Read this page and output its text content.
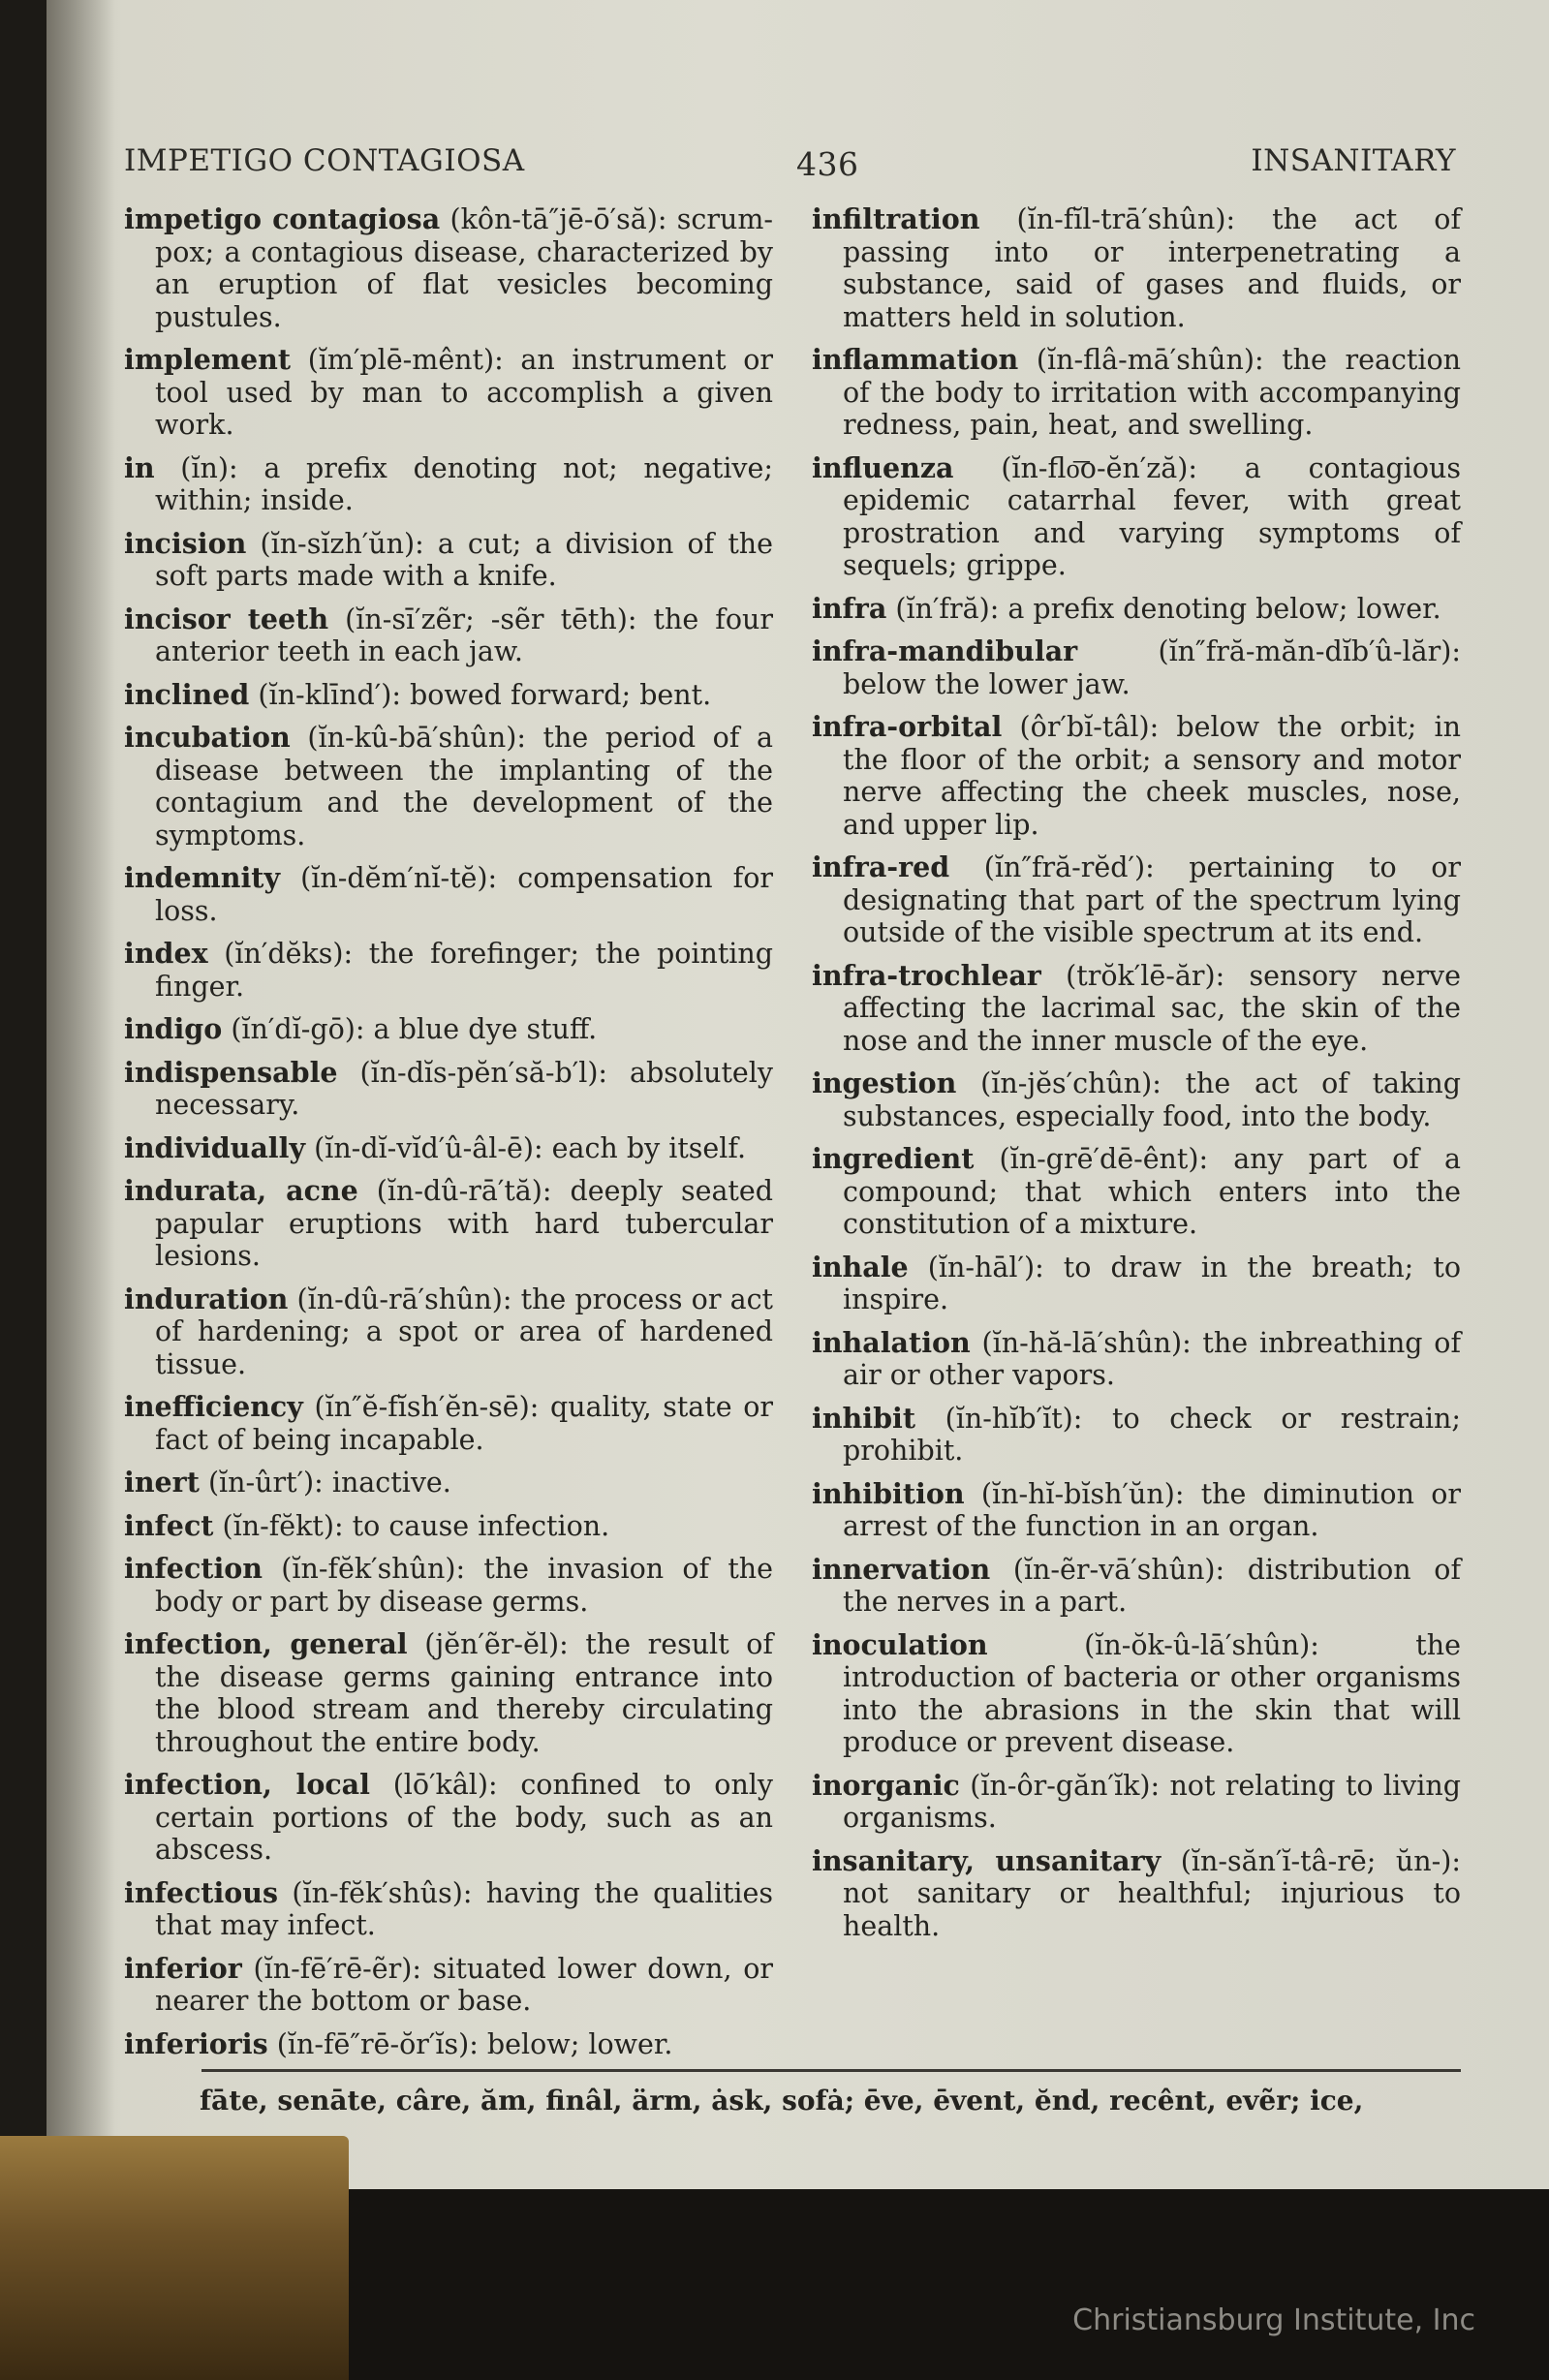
IMPETIGO CONTAGIOSA	436	INSANITARY

impetigo contagiosa (kôn-tā″jē-ō′să): scrum-pox; a contagious disease, characterized by an eruption of flat vesicles becoming pustules.

implement (ĭm′plē-mênt): an instrument or tool used by man to accomplish a given work.

in (ĭn): a prefix denoting not; negative; within; inside.

incision (ĭn-sĭzh′ŭn): a cut; a division of the soft parts made with a knife.

incisor teeth (ĭn-sī′zẽr; -sẽr tēth): the four anterior teeth in each jaw.

inclined (ĭn-klīnd′): bowed forward; bent.

incubation (ĭn-kû-bā′shûn): the period of a disease between the implanting of the contagium and the development of the symptoms.

indemnity (ĭn-dĕm′nĭ-tĕ): compensation for loss.

index (ĭn′dĕks): the forefinger; the pointing finger.

indigo (ĭn′dĭ-gō): a blue dye stuff.

indispensable (ĭn-dĭs-pĕn′să-b′l): absolutely necessary.

individually (ĭn-dĭ-vĭd′û-âl-ē): each by itself.

indurata, acne (ĭn-dû-rā′tă): deeply seated papular eruptions with hard tubercular lesions.

induration (ĭn-dû-rā′shûn): the process or act of hardening; a spot or area of hardened tissue.

inefficiency (ĭn″ĕ-fĭsh′ĕn-sē): quality, state or fact of being incapable.

inert (ĭn-ûrt′): inactive.

infect (ĭn-fĕkt): to cause infection.

infection (ĭn-fĕk′shûn): the invasion of the body or part by disease germs.

infection, general (jĕn′ẽr-ĕl): the result of the disease germs gaining entrance into the blood stream and thereby circulating throughout the entire body.

infection, local (lō′kâl): confined to only certain portions of the body, such as an abscess.

infectious (ĭn-fĕk′shûs): having the qualities that may infect.

inferior (ĭn-fē′rē-ẽr): situated lower down, or nearer the bottom or base.

inferioris (ĭn-fē″rē-ŏr′ĭs): below; lower.

infiltration (ĭn-fĭl-trā′shûn): the act of passing into or interpenetrating a substance, said of gases and fluids, or matters held in solution.

inflammation (ĭn-flâ-mā′shûn): the reaction of the body to irritation with accompanying redness, pain, heat, and swelling.

influenza (ĭn-flo͞o-ĕn′ză): a contagious epidemic catarrhal fever, with great prostration and varying symptoms of sequels; grippe.

infra (ĭn′fră): a prefix denoting below; lower.

infra-mandibular	(ĭn″fră-măn-dĭb′û-lăr): below the lower jaw.

infra-orbital (ôr′bĭ-tâl): below the orbit; in the floor of the orbit; a sensory and motor nerve affecting the cheek muscles, nose, and upper lip.

infra-red (ĭn″fră-rĕd′): pertaining to or designating that part of the spectrum lying outside of the visible spectrum at its end.

infra-trochlear (trŏk′lē-ăr): sensory nerve affecting the lacrimal sac, the skin of the nose and the inner muscle of the eye.

ingestion (ĭn-jĕs′chûn): the act of taking substances, especially food, into the body.

ingredient (ĭn-grē′dē-ênt): any part of a compound; that which enters into the constitution of a mixture.

inhale (ĭn-hāl′): to draw in the breath; to inspire.

inhalation (ĭn-hă-lā′shûn): the inbreathing of air or other vapors.

inhibit (ĭn-hĭb′ĭt): to check or restrain; prohibit.

inhibition (ĭn-hĭ-bĭsh′ŭn): the diminution or arrest of the function in an organ.

innervation (ĭn-ẽr-vā′shûn): distribution of the nerves in a part.

inoculation	(ĭn-ŏk-û-lā′shûn): the introduction of bacteria or other organisms into the abrasions in the skin that will produce or prevent disease.

inorganic (ĭn-ôr-găn′ĭk): not relating to living organisms.

insanitary, unsanitary (ĭn-săn′ĭ-tâ-rē; ŭn-): not sanitary or healthful; injurious to health.

fāte, senāte, câre, ăm, finâl, ärm, ȧsk, sofȧ; ēve, ēvent, ĕnd, recênt, evẽr; ice,
Christiansburg Institute, Inc
